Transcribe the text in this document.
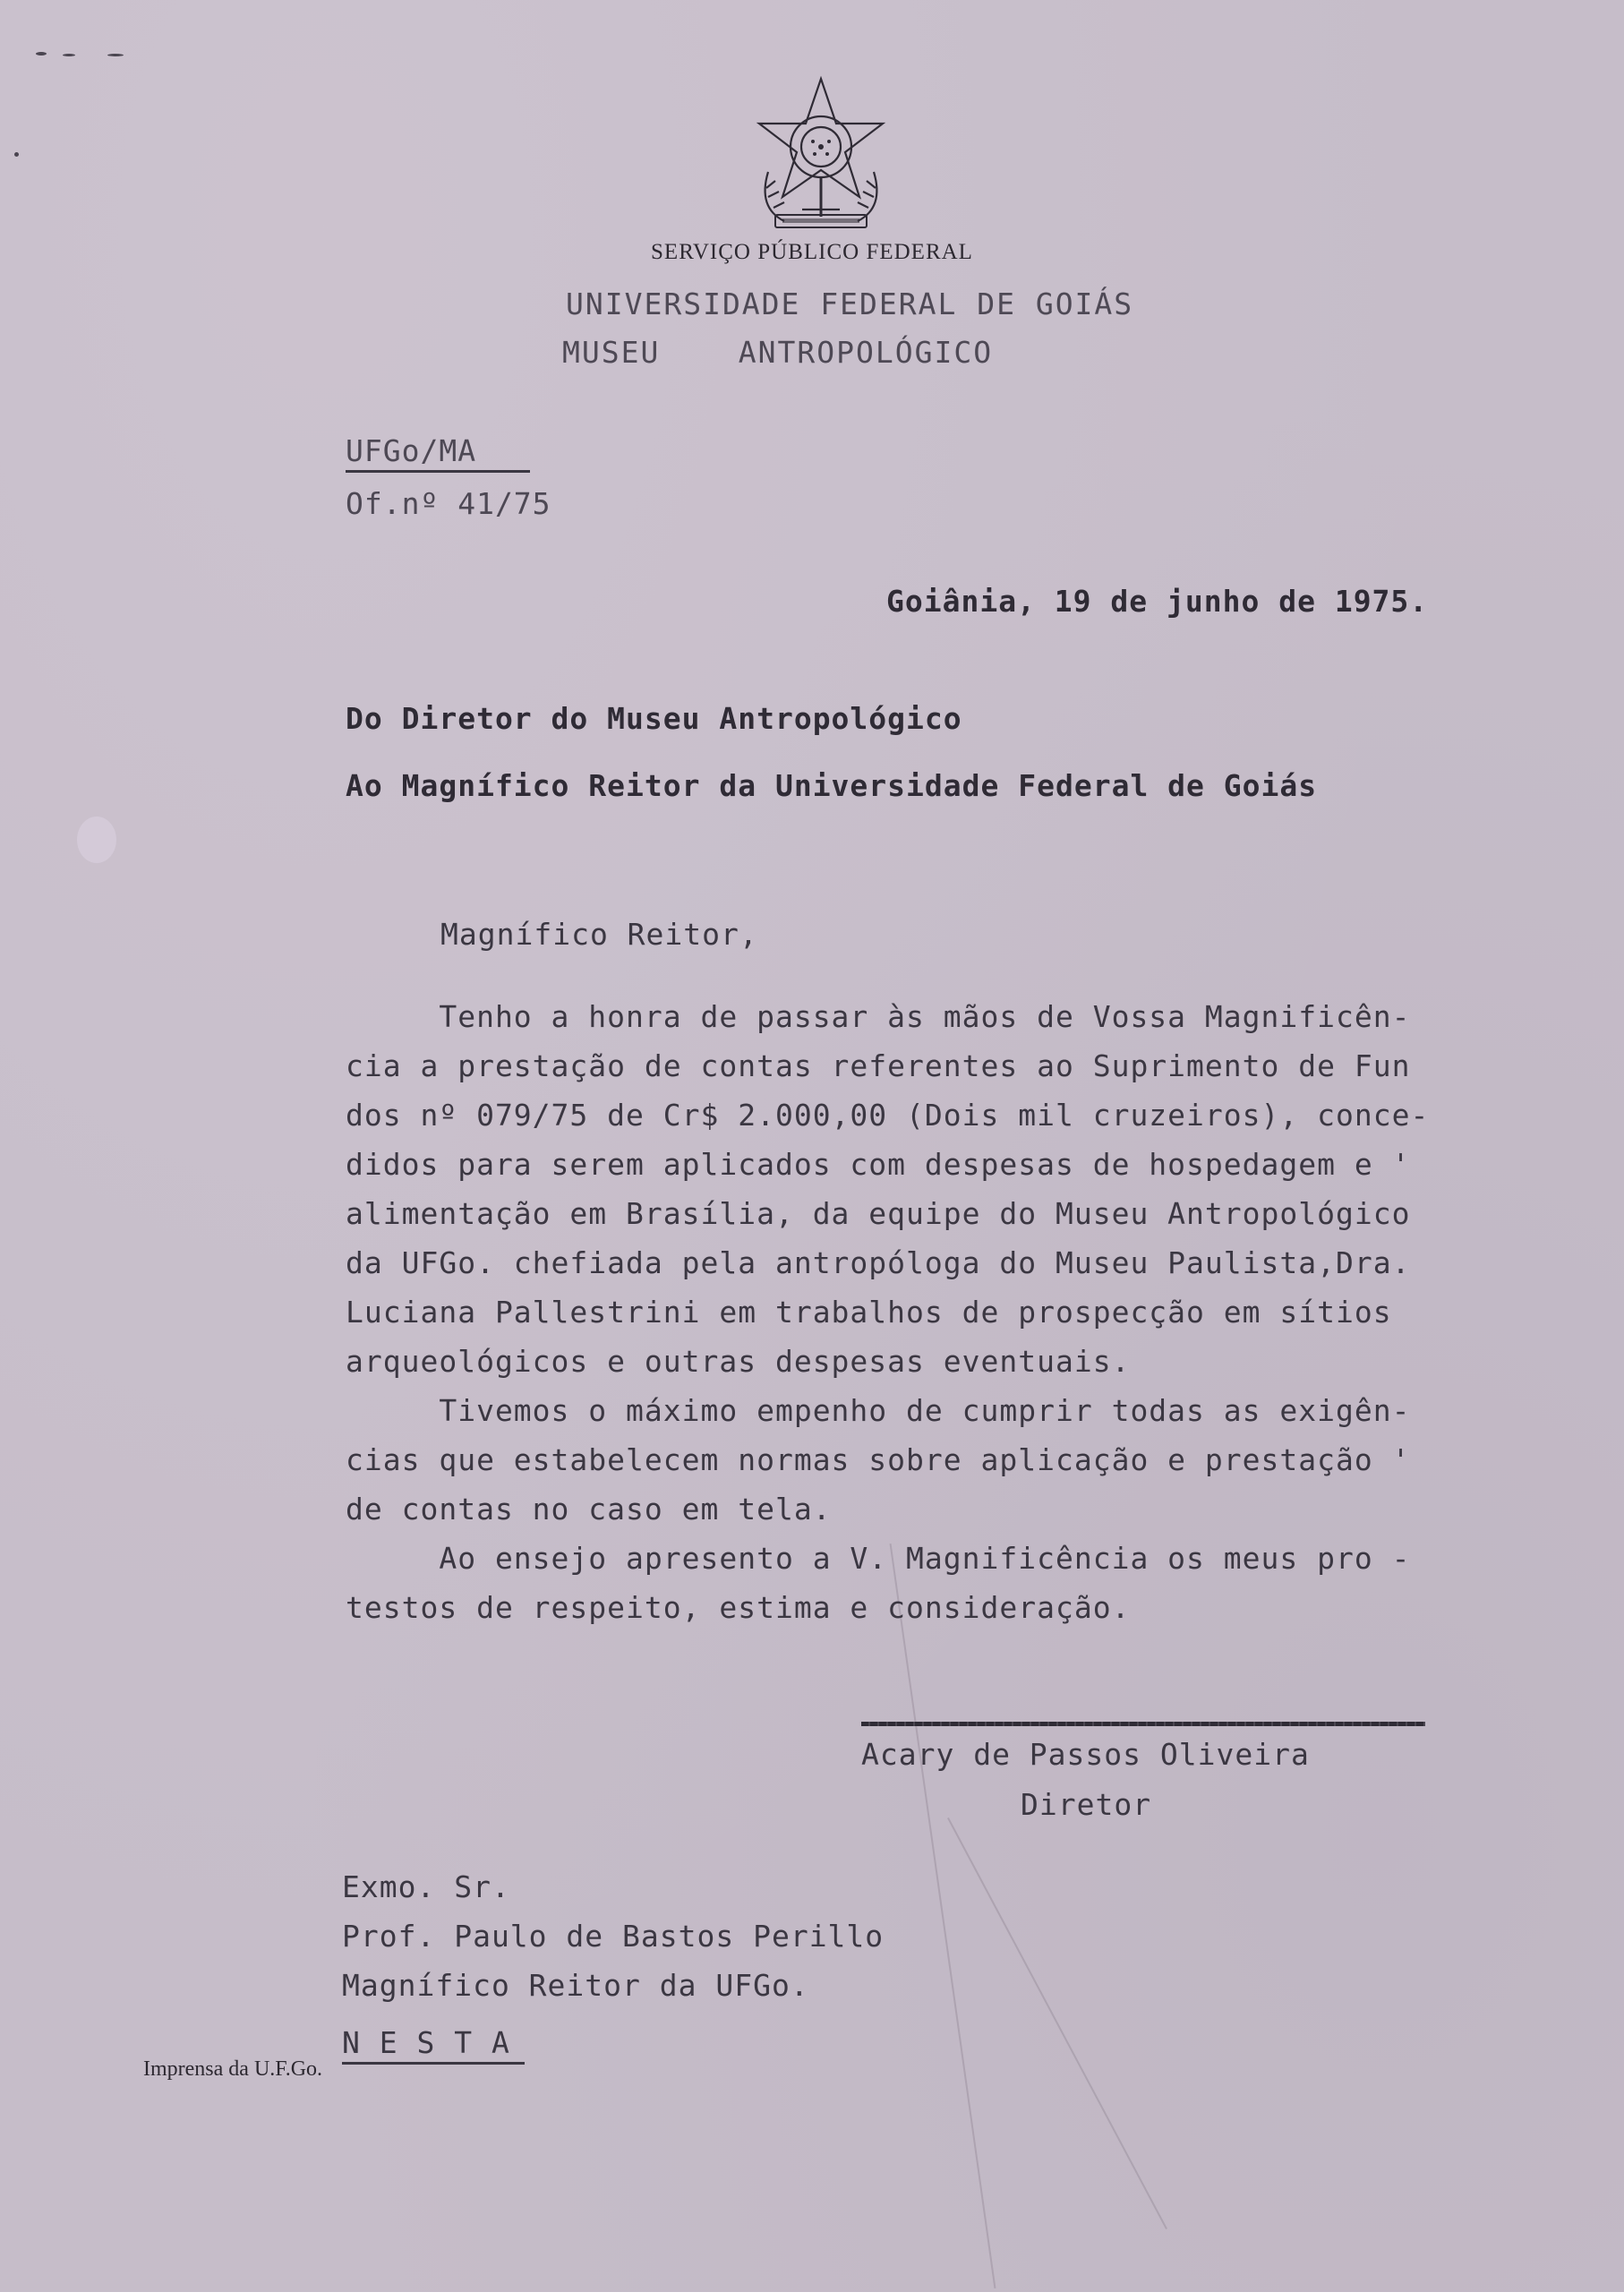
SERVIÇO PÚBLICO FEDERAL
UNIVERSIDADE FEDERAL DE GOIÁS
MUSEU    ANTROPOLÓGICO
UFGo/MA
Of.nº 41/75
Goiânia, 19 de junho de 1975.
Do Diretor do Museu Antropológico
Ao Magnífico Reitor da Universidade Federal de Goiás
Magnífico Reitor,
Tenho a honra de passar às mãos de Vossa Magnificên-
cia a prestação de contas referentes ao Suprimento de Fun
dos nº 079/75 de Cr$ 2.000,00 (Dois mil cruzeiros), conce-
didos para serem aplicados com despesas de hospedagem e '
alimentação em Brasília, da equipe do Museu Antropológico
da UFGo. chefiada pela antropóloga do Museu Paulista,Dra.
Luciana Pallestrini em trabalhos de prospecção em sítios
arqueológicos e outras despesas eventuais.
Tivemos o máximo empenho de cumprir todas as exigên-
cias que estabelecem normas sobre aplicação e prestação '
de contas no caso em tela.
Ao ensejo apresento a V. Magnificência os meus pro -
testos de respeito, estima e consideração.
Acary de Passos Oliveira
Diretor
Exmo. Sr.
Prof. Paulo de Bastos Perillo
Magnífico Reitor da UFGo.
N E S T A
Imprensa da U.F.Go.
